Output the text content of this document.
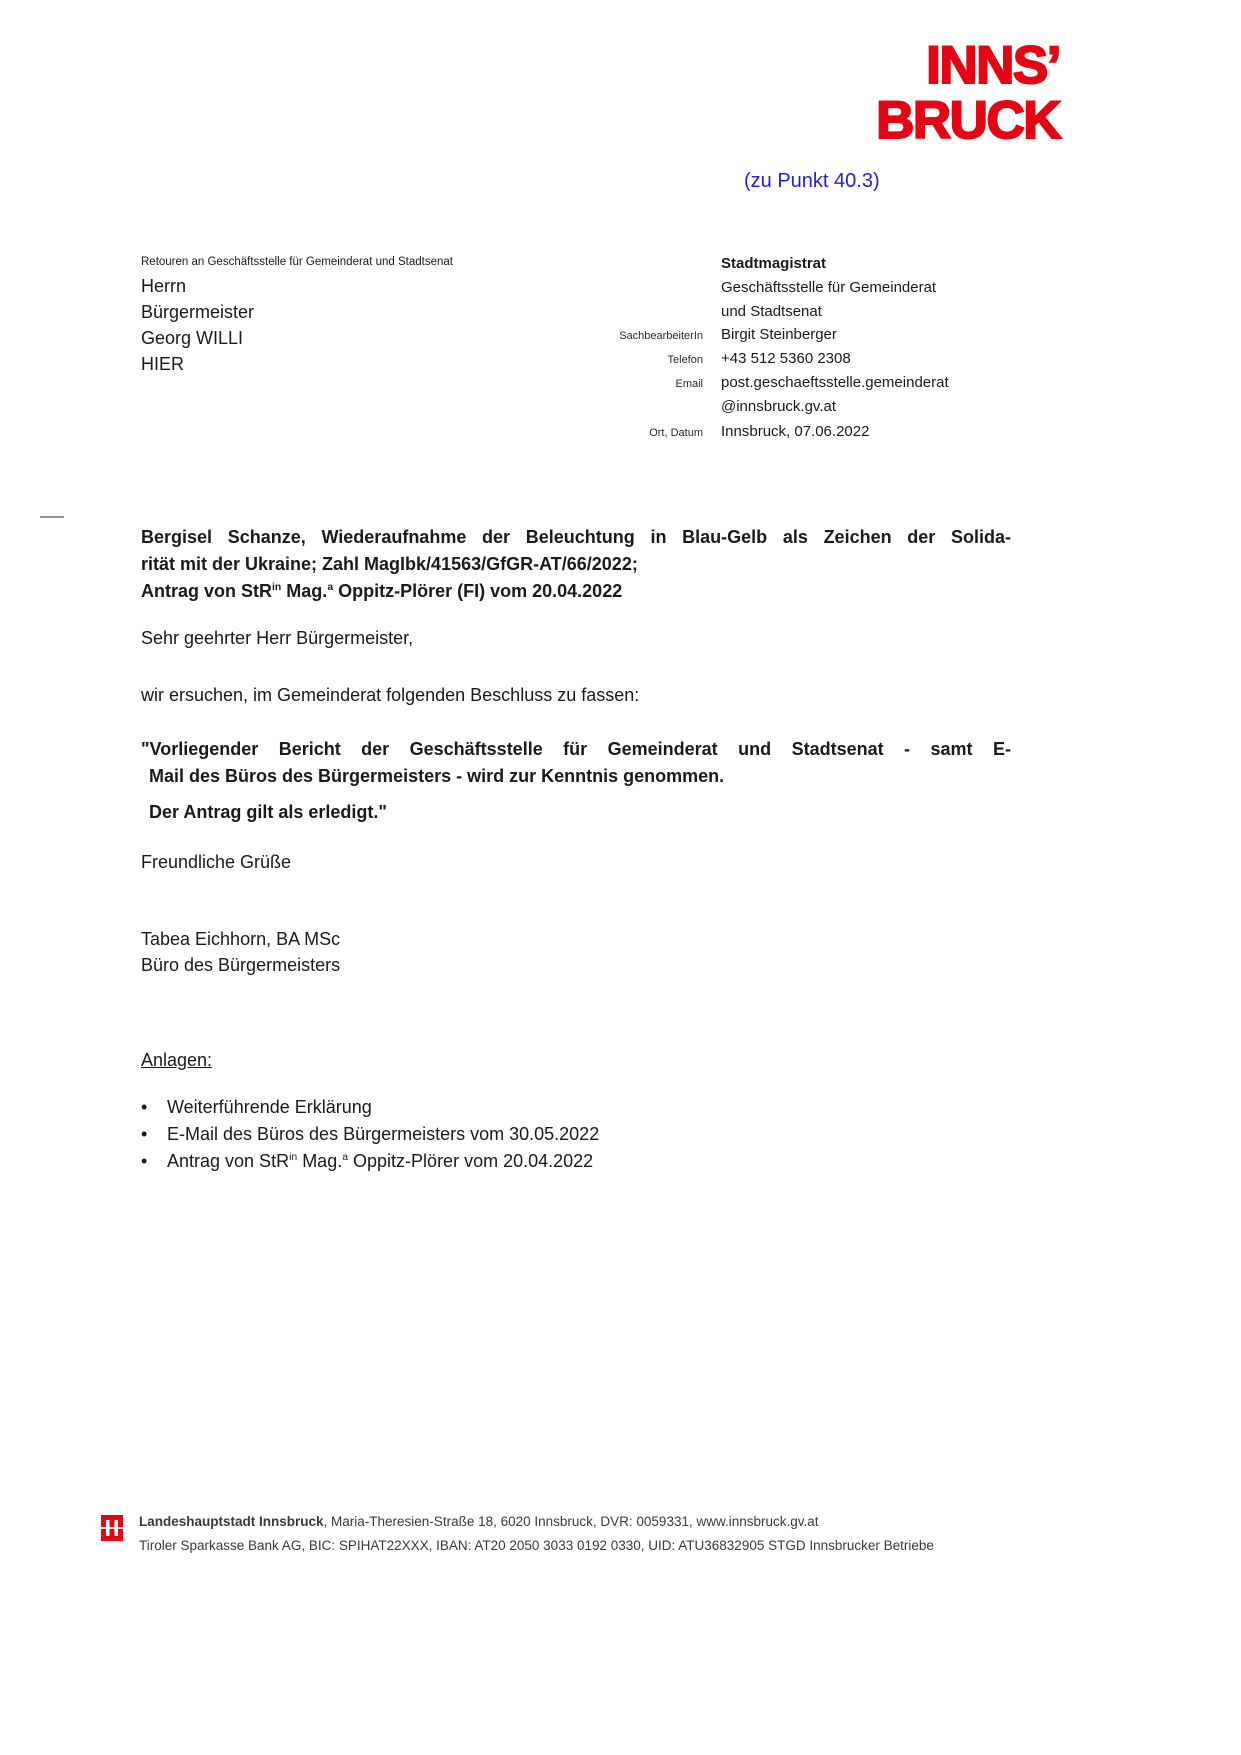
INNS’
BRUCK
(zu Punkt 40.3)
Retouren an Geschäftsstelle für Gemeinderat und Stadtsenat
Herrn
Bürgermeister
Georg WILLI
HIER
Stadtmagistrat
Geschäftsstelle für Gemeinderat
und Stadtsenat
SachbearbeiterIn	Birgit Steinberger
Telefon	+43 512 5360 2308
Email	post.geschaeftsstelle.gemeinderat
@innsbruck.gv.at
Ort, Datum	Innsbruck, 07.06.2022
Bergisel Schanze, Wiederaufnahme der Beleuchtung in Blau-Gelb als Zeichen der Solida-
rität mit der Ukraine; Zahl MagIbk/41563/GfGR-AT/66/2022;
Antrag von StR$^{in}$ Mag.$^a$ Oppitz-Plörer (FI) vom 20.04.2022
Sehr geehrter Herr Bürgermeister,
wir ersuchen, im Gemeinderat folgenden Beschluss zu fassen:
"Vorliegender Bericht der Geschäftsstelle für Gemeinderat und Stadtsenat - samt E-
Mail des Büros des Bürgermeisters - wird zur Kenntnis genommen.
Der Antrag gilt als erledigt."
Freundliche Grüße
Tabea Eichhorn, BA MSc
Büro des Bürgermeisters
Anlagen:
• Weiterführende Erklärung
• E-Mail des Büros des Bürgermeisters vom 30.05.2022
• Antrag von StR$^{in}$ Mag.$^a$ Oppitz-Plörer vom 20.04.2022
Landeshauptstadt Innsbruck, Maria-Theresien-Straße 18, 6020 Innsbruck, DVR: 0059331, www.innsbruck.gv.at
Tiroler Sparkasse Bank AG, BIC: SPIHAT22XXX, IBAN: AT20 2050 3033 0192 0330, UID: ATU36832905 STGD Innsbrucker Betriebe
